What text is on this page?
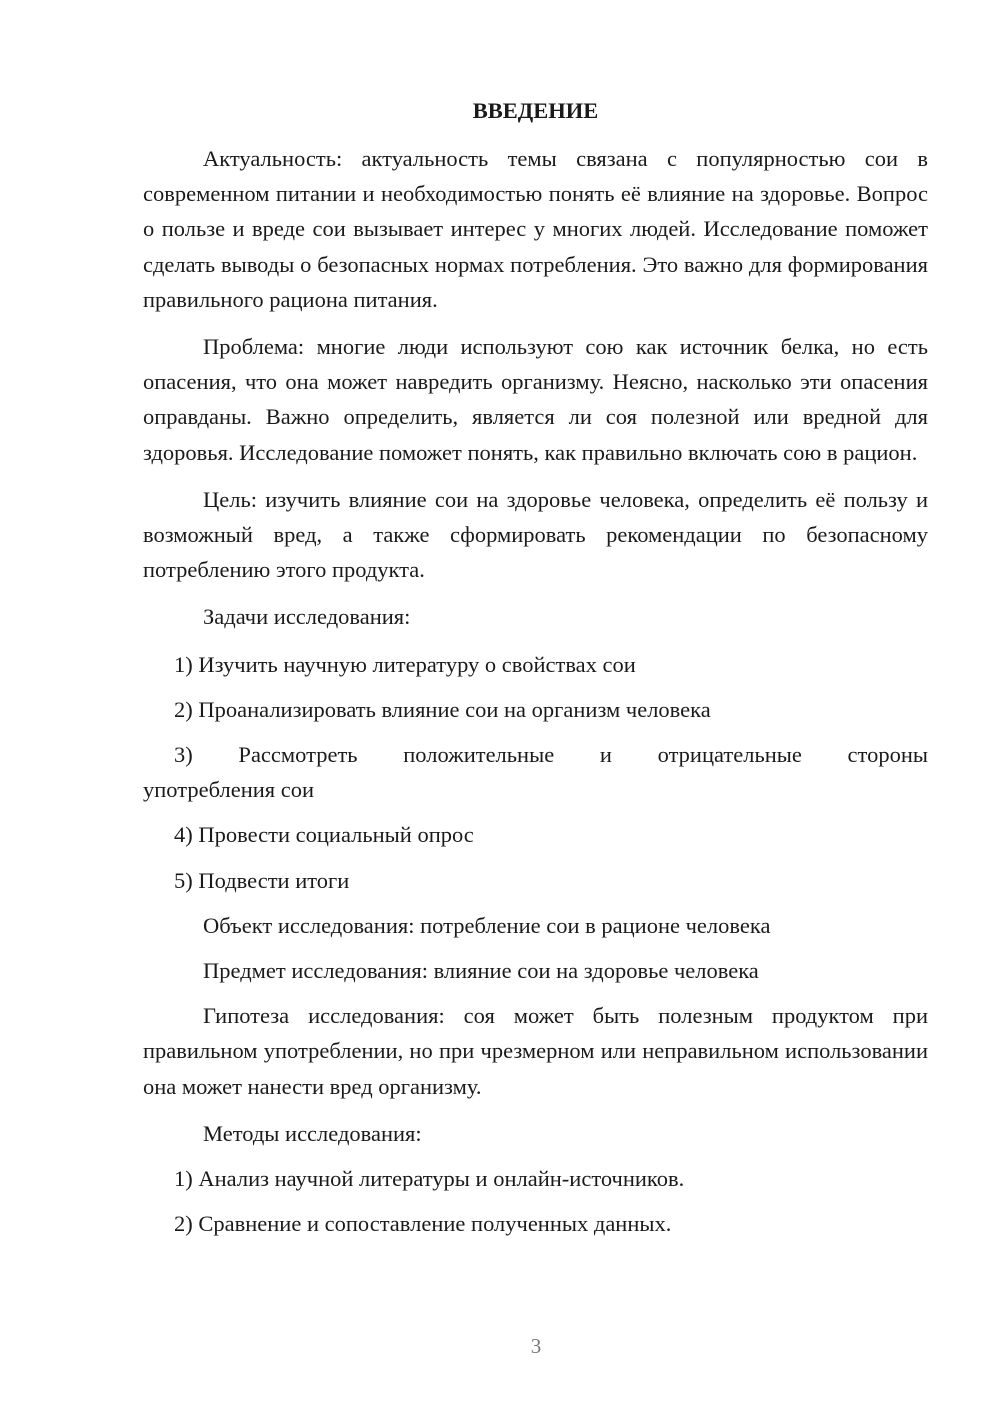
ВВЕДЕНИЕ
Актуальность: актуальность темы связана с популярностью сои в современном питании и необходимостью понять её влияние на здоровье. Вопрос о пользе и вреде сои вызывает интерес у многих людей. Исследование поможет сделать выводы о безопасных нормах потребления. Это важно для формирования правильного рациона питания.
Проблема: многие люди используют сою как источник белка, но есть опасения, что она может навредить организму. Неясно, насколько эти опасения оправданы. Важно определить, является ли соя полезной или вредной для здоровья. Исследование поможет понять, как правильно включать сою в рацион.
Цель: изучить влияние сои на здоровье человека, определить её пользу и возможный вред, а также сформировать рекомендации по безопасному потреблению этого продукта.
Задачи исследования:
1) Изучить научную литературу о свойствах сои
2) Проанализировать влияние сои на организм человека
3) Рассмотреть положительные и отрицательные стороны
употребления сои
4) Провести социальный опрос
5) Подвести итоги
Объект исследования: потребление сои в рационе человека
Предмет исследования: влияние сои на здоровье человека
Гипотеза исследования: соя может быть полезным продуктом при правильном употреблении, но при чрезмерном или неправильном использовании она может нанести вред организму.
Методы исследования:
1) Анализ научной литературы и онлайн-источников.
2) Сравнение и сопоставление полученных данных.
3
